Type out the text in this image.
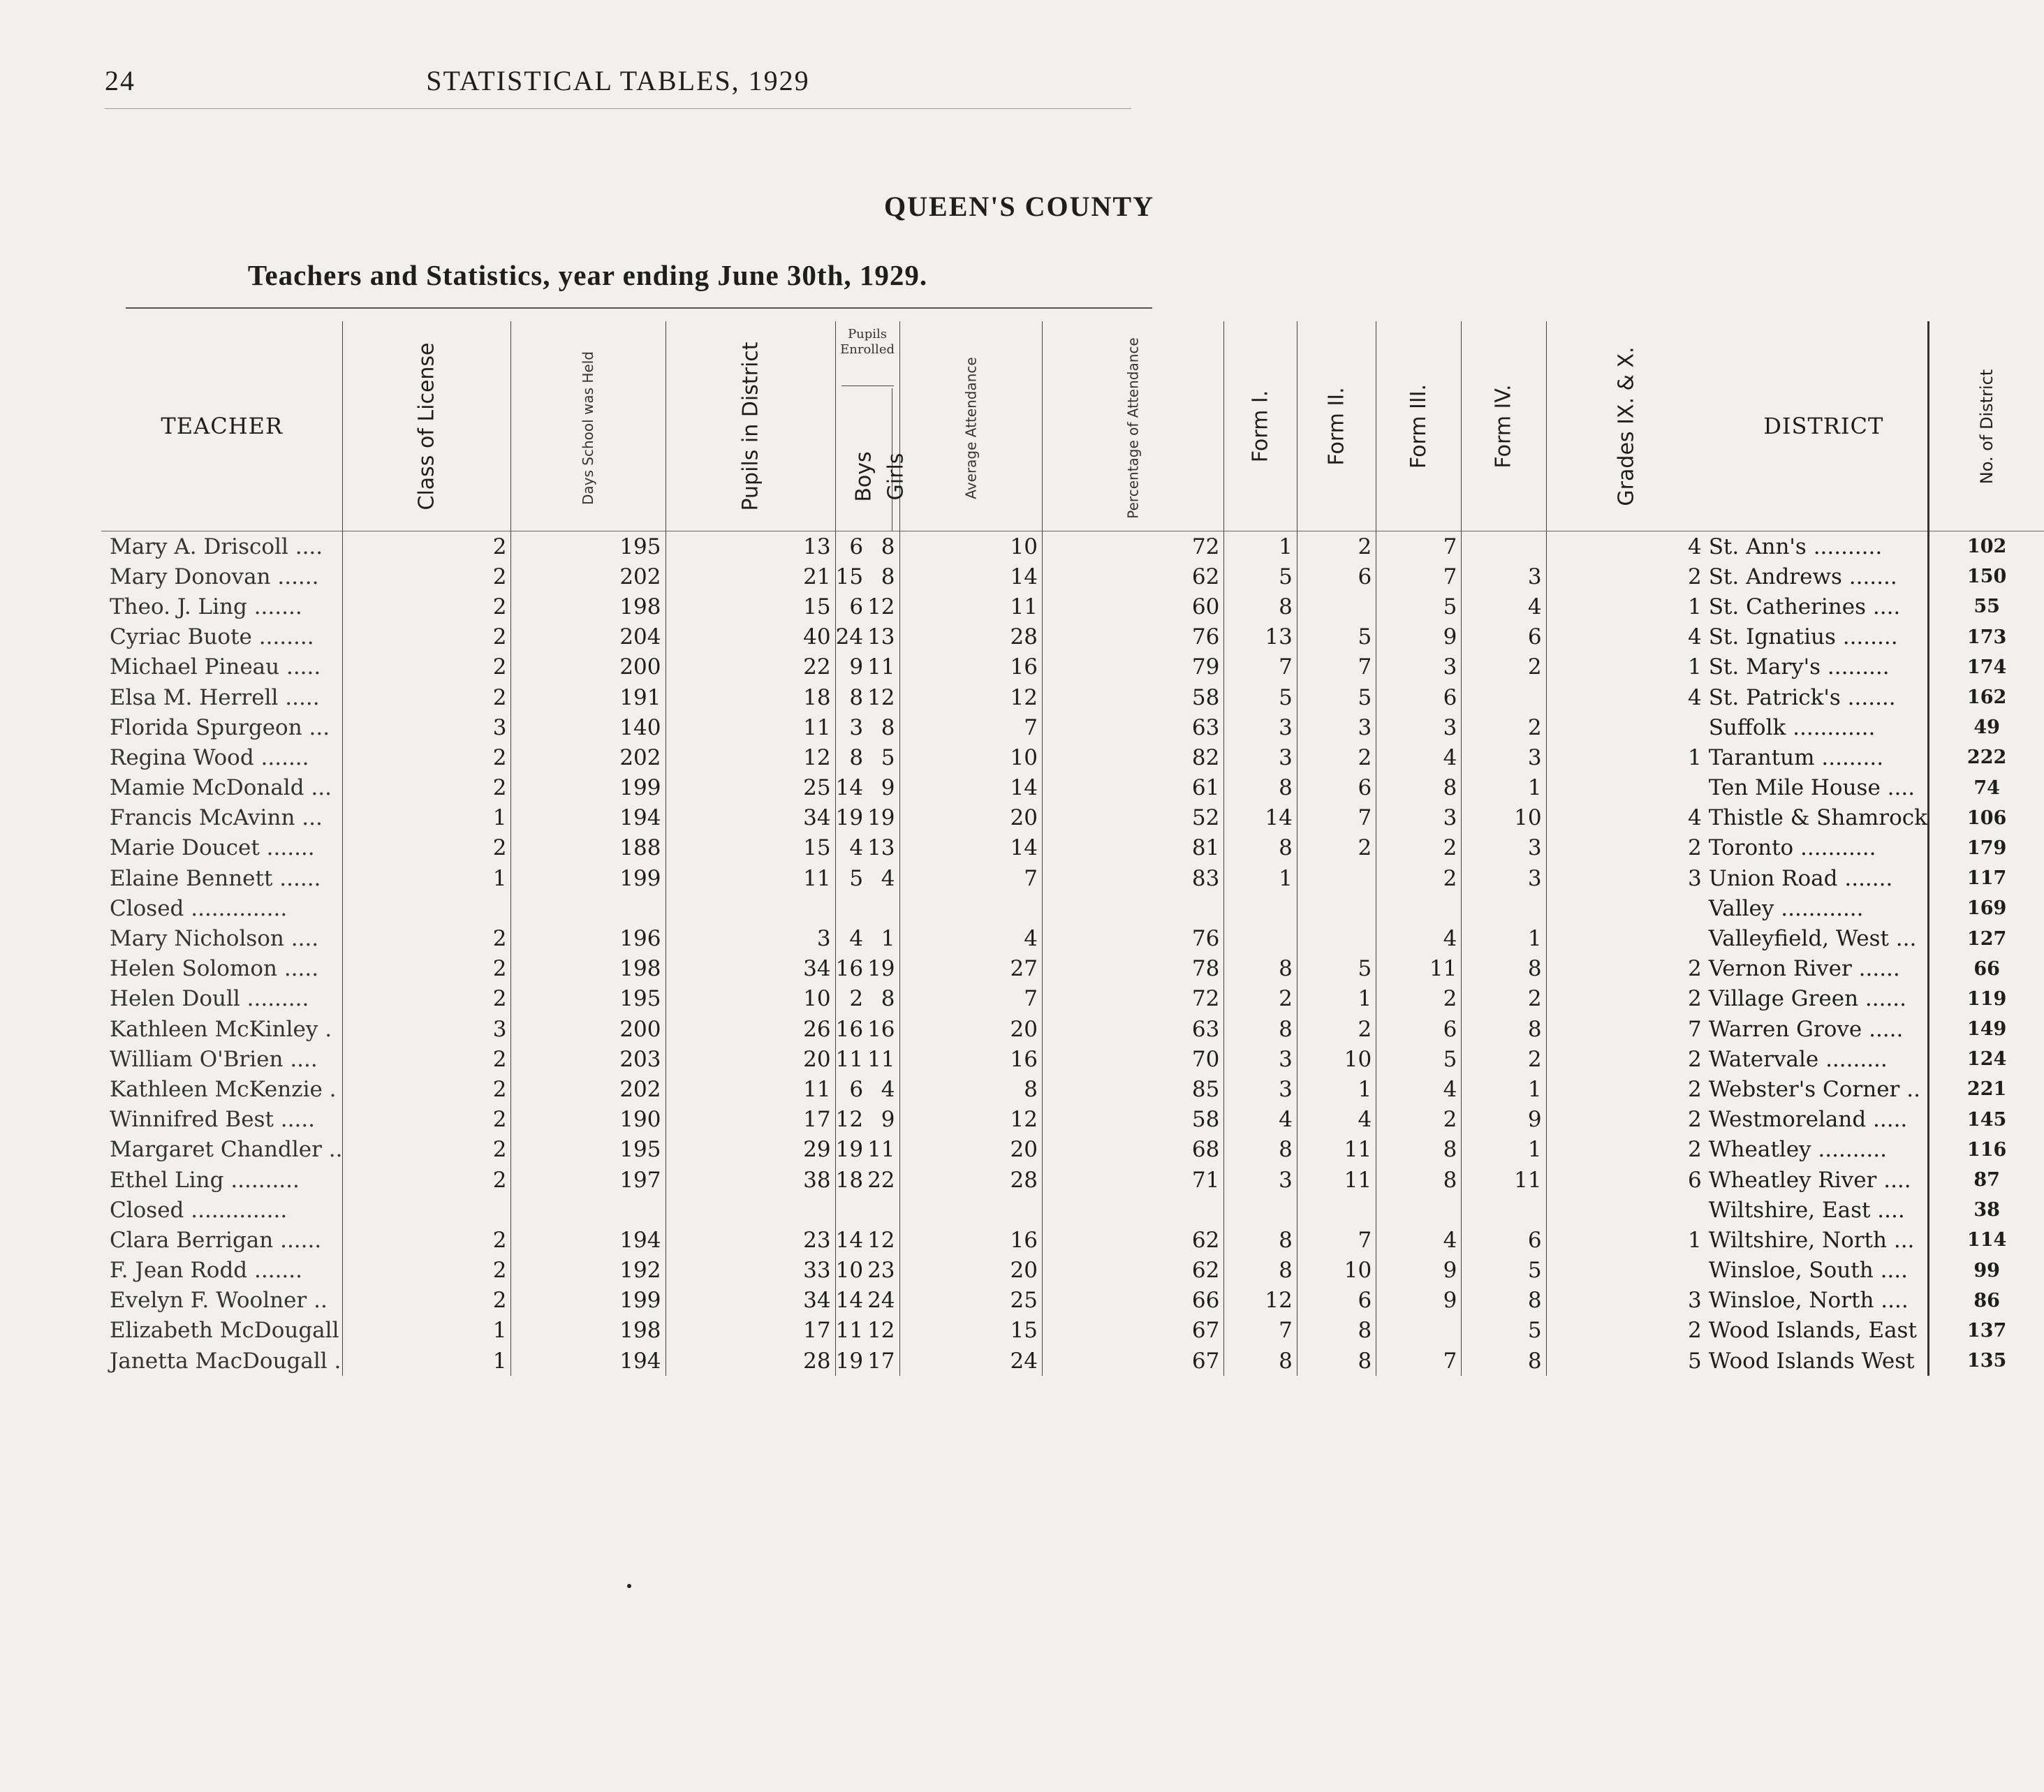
24	STATISTICAL TABLES, 1929
QUEEN'S COUNTY
Teachers and Statistics, year ending June 30th, 1929.
TEACHER	Class of License	Days School was Held	Pupils in District	Pupils Enrolled
Boys Girls		Average Attendance	Percentage of Attendance	Form I.	Form II.	Form III.	Form IV.	Grades IX. & X.	DISTRICT	No. of District
Mary A. Driscoll ....	2	195	13	6	8	10	72	1	2	7		4	St. Ann's ..........	102
Mary Donovan ......	2	202	21	15	8	14	62	5	6	7	3	2	St. Andrews .......	150
Theo. J. Ling .......	2	198	15	6	12	11	60	8		5	4	1	St. Catherines ....	55
Cyriac Buote ........	2	204	40	24	13	28	76	13	5	9	6	4	St. Ignatius ........	173
Michael Pineau .....	2	200	22	9	11	16	79	7	7	3	2	1	St. Mary's .........	174
Elsa M. Herrell .....	2	191	18	8	12	12	58	5	5	6		4	St. Patrick's .......	162
Florida Spurgeon ...	3	140	11	3	8	7	63	3	3	3	2		Suffolk ............	49
Regina Wood .......	2	202	12	8	5	10	82	3	2	4	3	1	Tarantum .........	222
Mamie McDonald ...	2	199	25	14	9	14	61	8	6	8	1		Ten Mile House ....	74
Francis McAvinn ...	1	194	34	19	19	20	52	14	7	3	10	4	Thistle & Shamrock	106
Marie Doucet .......	2	188	15	4	13	14	81	8	2	2	3	2	Toronto ...........	179
Elaine Bennett ......	1	199	11	5	4	7	83	1		2	3	3	Union Road .......	117
Closed ..............													Valley ............	169
Mary Nicholson ....	2	196	3	4	1	4	76			4	1		Valleyfield, West ...	127
Helen Solomon .....	2	198	34	16	19	27	78	8	5	11	8	2	Vernon River ......	66
Helen Doull .........	2	195	10	2	8	7	72	2	1	2	2	2	Village Green ......	119
Kathleen McKinley .	3	200	26	16	16	20	63	8	2	6	8	7	Warren Grove .....	149
William O'Brien ....	2	203	20	11	11	16	70	3	10	5	2	2	Watervale .........	124
Kathleen McKenzie .	2	202	11	6	4	8	85	3	1	4	1	2	Webster's Corner ..	221
Winnifred Best .....	2	190	17	12	9	12	58	4	4	2	9	2	Westmoreland .....	145
Margaret Chandler ..	2	195	29	19	11	20	68	8	11	8	1	2	Wheatley ..........	116
Ethel Ling ..........	2	197	38	18	22	28	71	3	11	8	11	6	Wheatley River ....	87
Closed ..............													Wiltshire, East ....	38
Clara Berrigan ......	2	194	23	14	12	16	62	8	7	4	6	1	Wiltshire, North ...	114
F. Jean Rodd .......	2	192	33	10	23	20	62	8	10	9	5		Winsloe, South ....	99
Evelyn F. Woolner ..	2	199	34	14	24	25	66	12	6	9	8	3	Winsloe, North ....	86
Elizabeth McDougall	1	198	17	11	12	15	67	7	8		5	2	Wood Islands, East	137
Janetta MacDougall .	1	194	28	19	17	24	67	8	8	7	8	5	Wood Islands West	135
